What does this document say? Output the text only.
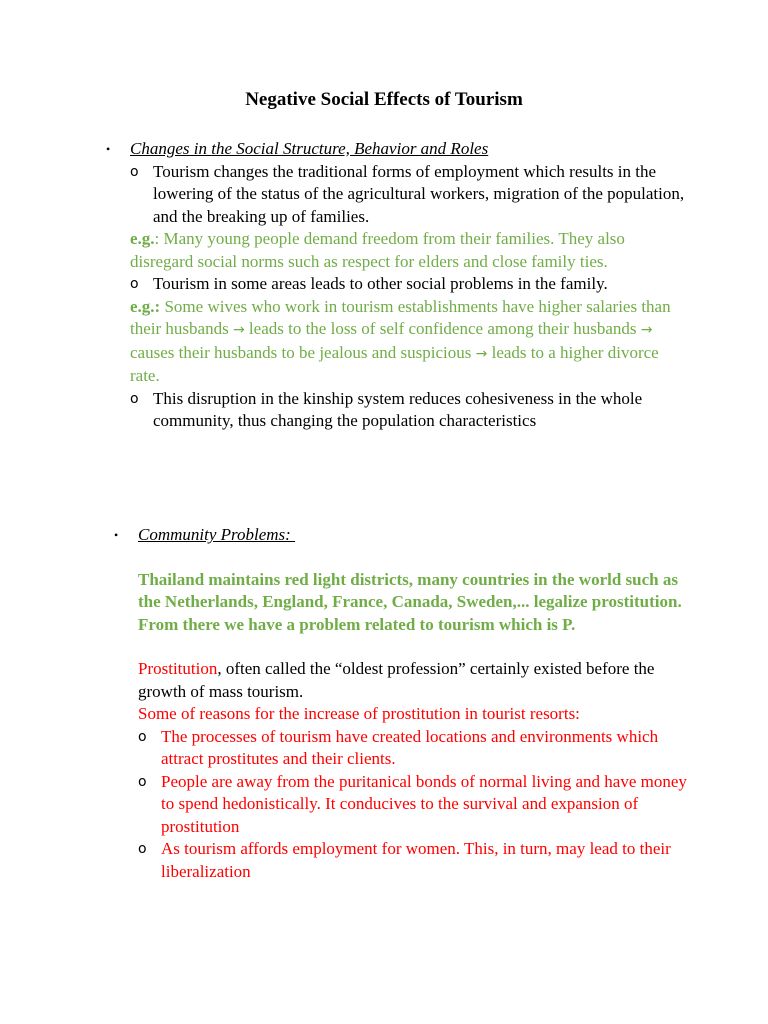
Negative Social Effects of Tourism
• Changes in the Social Structure, Behavior and Roles
o Tourism changes the traditional forms of employment which results in the lowering of the status of the agricultural workers, migration of the population, and the breaking up of families.
e.g.: Many young people demand freedom from their families. They also disregard social norms such as respect for elders and close family ties.
o Tourism in some areas leads to other social problems in the family.
e.g.: Some wives who work in tourism establishments have higher salaries than their husbands → leads to the loss of self confidence among their husbands → causes their husbands to be jealous and suspicious → leads to a higher divorce rate.
o This disruption in the kinship system reduces cohesiveness in the whole community, thus changing the population characteristics
• Community Problems:
Thailand maintains red light districts, many countries in the world such as the Netherlands, England, France, Canada, Sweden,... legalize prostitution.
From there we have a problem related to tourism which is P.
Prostitution, often called the “oldest profession” certainly existed before the growth of mass tourism.
Some of reasons for the increase of prostitution in tourist resorts:
o The processes of tourism have created locations and environments which attract prostitutes and their clients.
o People are away from the puritanical bonds of normal living and have money to spend hedonistically. It conducives to the survival and expansion of prostitution
o As tourism affords employment for women. This, in turn, may lead to their liberalization
